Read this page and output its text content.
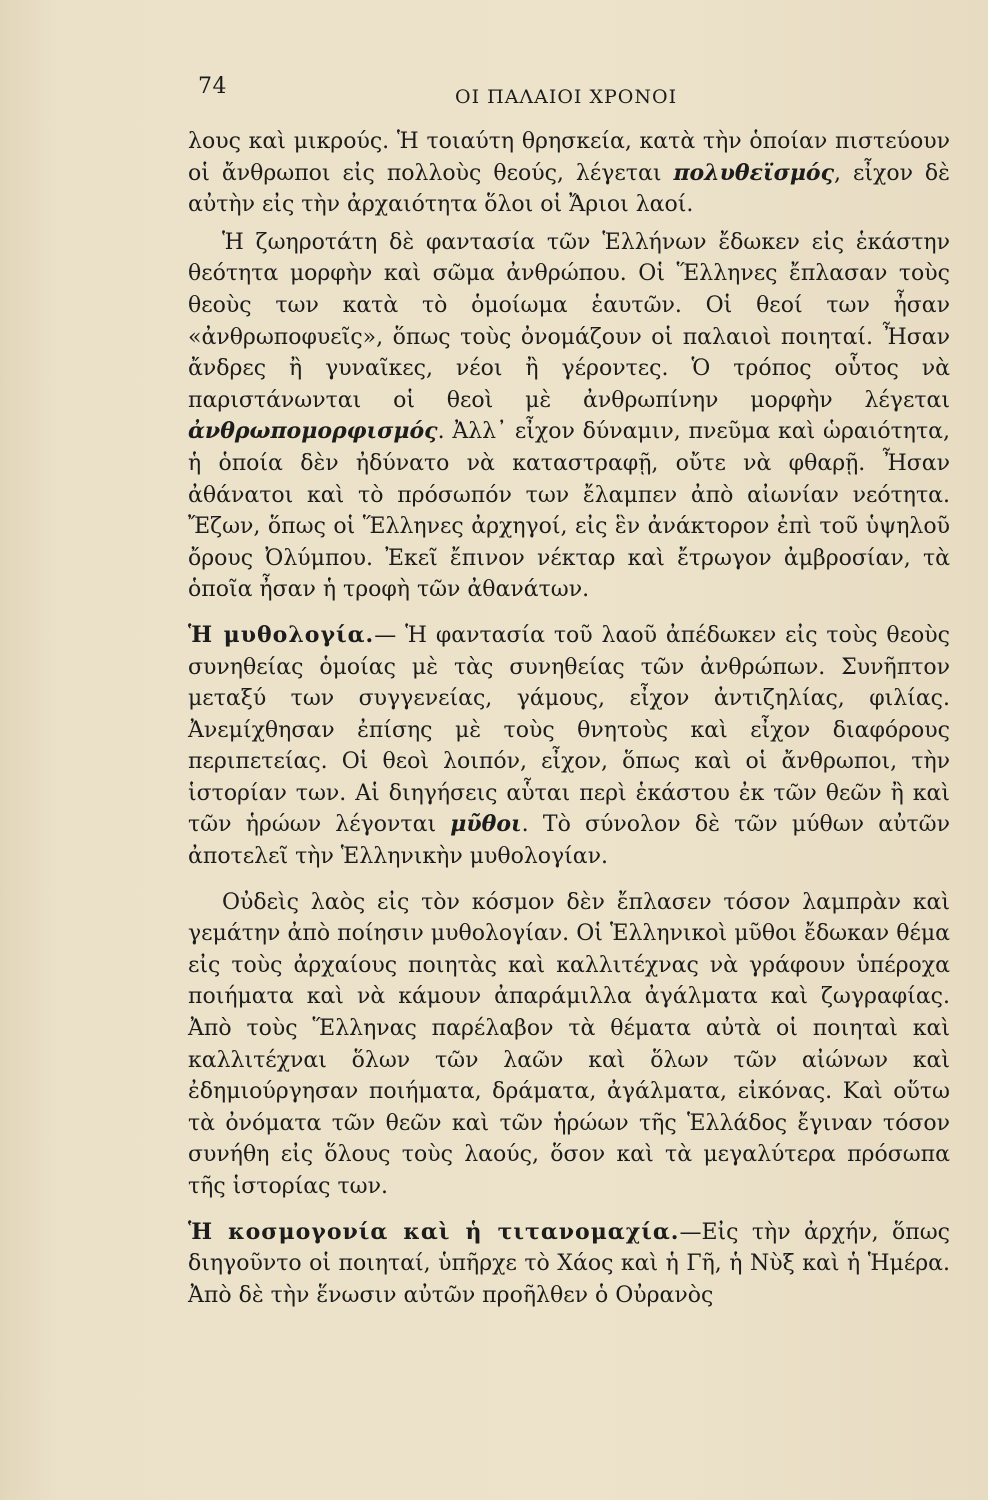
74	ΟΙ ΠΑΛΑΙΟΙ ΧΡΟΝΟΙ

λους καὶ μικρούς. Ἡ τοιαύτη θρησκεία, κατὰ τὴν ὁποίαν πιστεύουν οἱ ἄνθρωποι εἰς πολλοὺς θεούς, λέγεται πολυθεϊσμός, εἶχον δὲ αὐτὴν εἰς τὴν ἀρχαιότητα ὅλοι οἱ Ἄριοι λαοί.

Ἡ ζωηροτάτη δὲ φαντασία τῶν Ἑλλήνων ἔδωκεν εἰς ἑκάστην θεότητα μορφὴν καὶ σῶμα ἀνθρώπου. Οἱ Ἕλληνες ἔπλασαν τοὺς θεοὺς των κατὰ τὸ ὁμοίωμα ἑαυτῶν. Οἱ θεοί των ἦσαν «ἀνθρωποφυεῖς», ὅπως τοὺς ὀνομάζουν οἱ παλαιοὶ ποιηταί. Ἦσαν ἄνδρες ἢ γυναῖκες, νέοι ἢ γέροντες. Ὁ τρόπος οὗτος νὰ παριστάνωνται οἱ θεοὶ μὲ ἀνθρωπίνην μορφὴν λέγεται ἀνθρωπομορφισμός. Ἀλλ᾽ εἶχον δύναμιν, πνεῦμα καὶ ὡραιότητα, ἡ ὁποία δὲν ἠδύνατο νὰ καταστραφῇ, οὔτε νὰ φθαρῇ. Ἦσαν ἀθάνατοι καὶ τὸ πρόσωπόν των ἔλαμπεν ἀπὸ αἰωνίαν νεότητα. Ἔζων, ὅπως οἱ Ἕλληνες ἀρχηγοί, εἰς ἓν ἀνάκτορον ἐπὶ τοῦ ὑψηλοῦ ὄρους Ὀλύμπου. Ἐκεῖ ἔπινον νέκταρ καὶ ἔτρωγον ἀμβροσίαν, τὰ ὁποῖα ἦσαν ἡ τροφὴ τῶν ἀθανάτων.

Ἡ μυθολογία.— Ἡ φαντασία τοῦ λαοῦ ἀπέδωκεν εἰς τοὺς θεοὺς συνηθείας ὁμοίας μὲ τὰς συνηθείας τῶν ἀνθρώπων. Συνῆπτον μεταξύ των συγγενείας, γάμους, εἶχον ἀντιζηλίας, φιλίας. Ἀνεμίχθησαν ἐπίσης μὲ τοὺς θνητοὺς καὶ εἶχον διαφόρους περιπετείας. Οἱ θεοὶ λοιπόν, εἶχον, ὅπως καὶ οἱ ἄνθρωποι, τὴν ἱστορίαν των. Αἱ διηγήσεις αὗται περὶ ἑκάστου ἐκ τῶν θεῶν ἢ καὶ τῶν ἡρώων λέγονται μῦθοι. Τὸ σύνολον δὲ τῶν μύθων αὐτῶν ἀποτελεῖ τὴν Ἑλληνικὴν μυθολογίαν.

Οὐδεὶς λαὸς εἰς τὸν κόσμον δὲν ἔπλασεν τόσον λαμπρὰν καὶ γεμάτην ἀπὸ ποίησιν μυθολογίαν. Οἱ Ἑλληνικοὶ μῦθοι ἔδωκαν θέμα εἰς τοὺς ἀρχαίους ποιητὰς καὶ καλλιτέχνας νὰ γράφουν ὑπέροχα ποιήματα καὶ νὰ κάμουν ἀπαράμιλλα ἀγάλματα καὶ ζωγραφίας. Ἀπὸ τοὺς Ἕλληνας παρέλαβον τὰ θέματα αὐτὰ οἱ ποιηταὶ καὶ καλλιτέχναι ὅλων τῶν λαῶν καὶ ὅλων τῶν αἰώνων καὶ ἐδημιούργησαν ποιήματα, δράματα, ἀγάλματα, εἰκόνας. Καὶ οὕτω τὰ ὀνόματα τῶν θεῶν καὶ τῶν ἡρώων τῆς Ἑλλάδος ἔγιναν τόσον συνήθη εἰς ὅλους τοὺς λαούς, ὅσον καὶ τὰ μεγαλύτερα πρόσωπα τῆς ἱστορίας των.

Ἡ κοσμογονία καὶ ἡ τιτανομαχία.—Εἰς τὴν ἀρχήν, ὅπως διηγοῦντο οἱ ποιηταί, ὑπῆρχε τὸ Χάος καὶ ἡ Γῆ, ἡ Νὺξ καὶ ἡ Ἡμέρα. Ἀπὸ δὲ τὴν ἕνωσιν αὐτῶν προῆλθεν ὁ Οὐρανὸς
